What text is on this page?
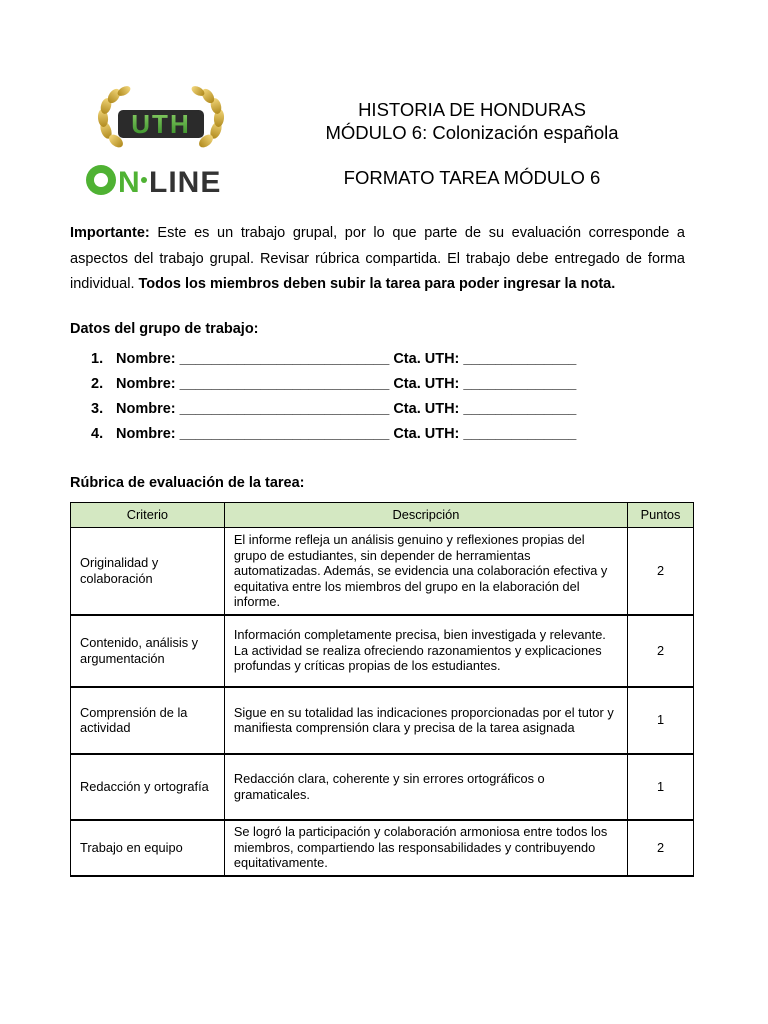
UTH
N LINE
HISTORIA DE HONDURAS
MÓDULO 6: Colonización española
FORMATO TAREA MÓDULO 6

Importante: Este es un trabajo grupal, por lo que parte de su evaluación corresponde a aspectos del trabajo grupal. Revisar rúbrica compartida. El trabajo debe entregado de forma individual. Todos los miembros deben subir la tarea para poder ingresar la nota.

Datos del grupo de trabajo:
1. Nombre: __________________________ Cta. UTH: ______________
2. Nombre: __________________________ Cta. UTH: ______________
3. Nombre: __________________________ Cta. UTH: ______________
4. Nombre: __________________________ Cta. UTH: ______________
Rúbrica de evaluación de la tarea:
Criterio	Descripción	Puntos
Originalidad y colaboración	El informe refleja un análisis genuino y reflexiones propias del grupo de estudiantes, sin depender de herramientas automatizadas. Además, se evidencia una colaboración efectiva y equitativa entre los miembros del grupo en la elaboración del informe.	2
Contenido, análisis y argumentación	Información completamente precisa, bien investigada y relevante. La actividad se realiza ofreciendo razonamientos y explicaciones profundas y críticas propias de los estudiantes.	2
Comprensión de la actividad	Sigue en su totalidad las indicaciones proporcionadas por el tutor y manifiesta comprensión clara y precisa de la tarea asignada	1
Redacción y ortografía	Redacción clara, coherente y sin errores ortográficos o gramaticales.	1
Trabajo en equipo	Se logró la participación y colaboración armoniosa entre todos los miembros, compartiendo las responsabilidades y contribuyendo equitativamente.	2
